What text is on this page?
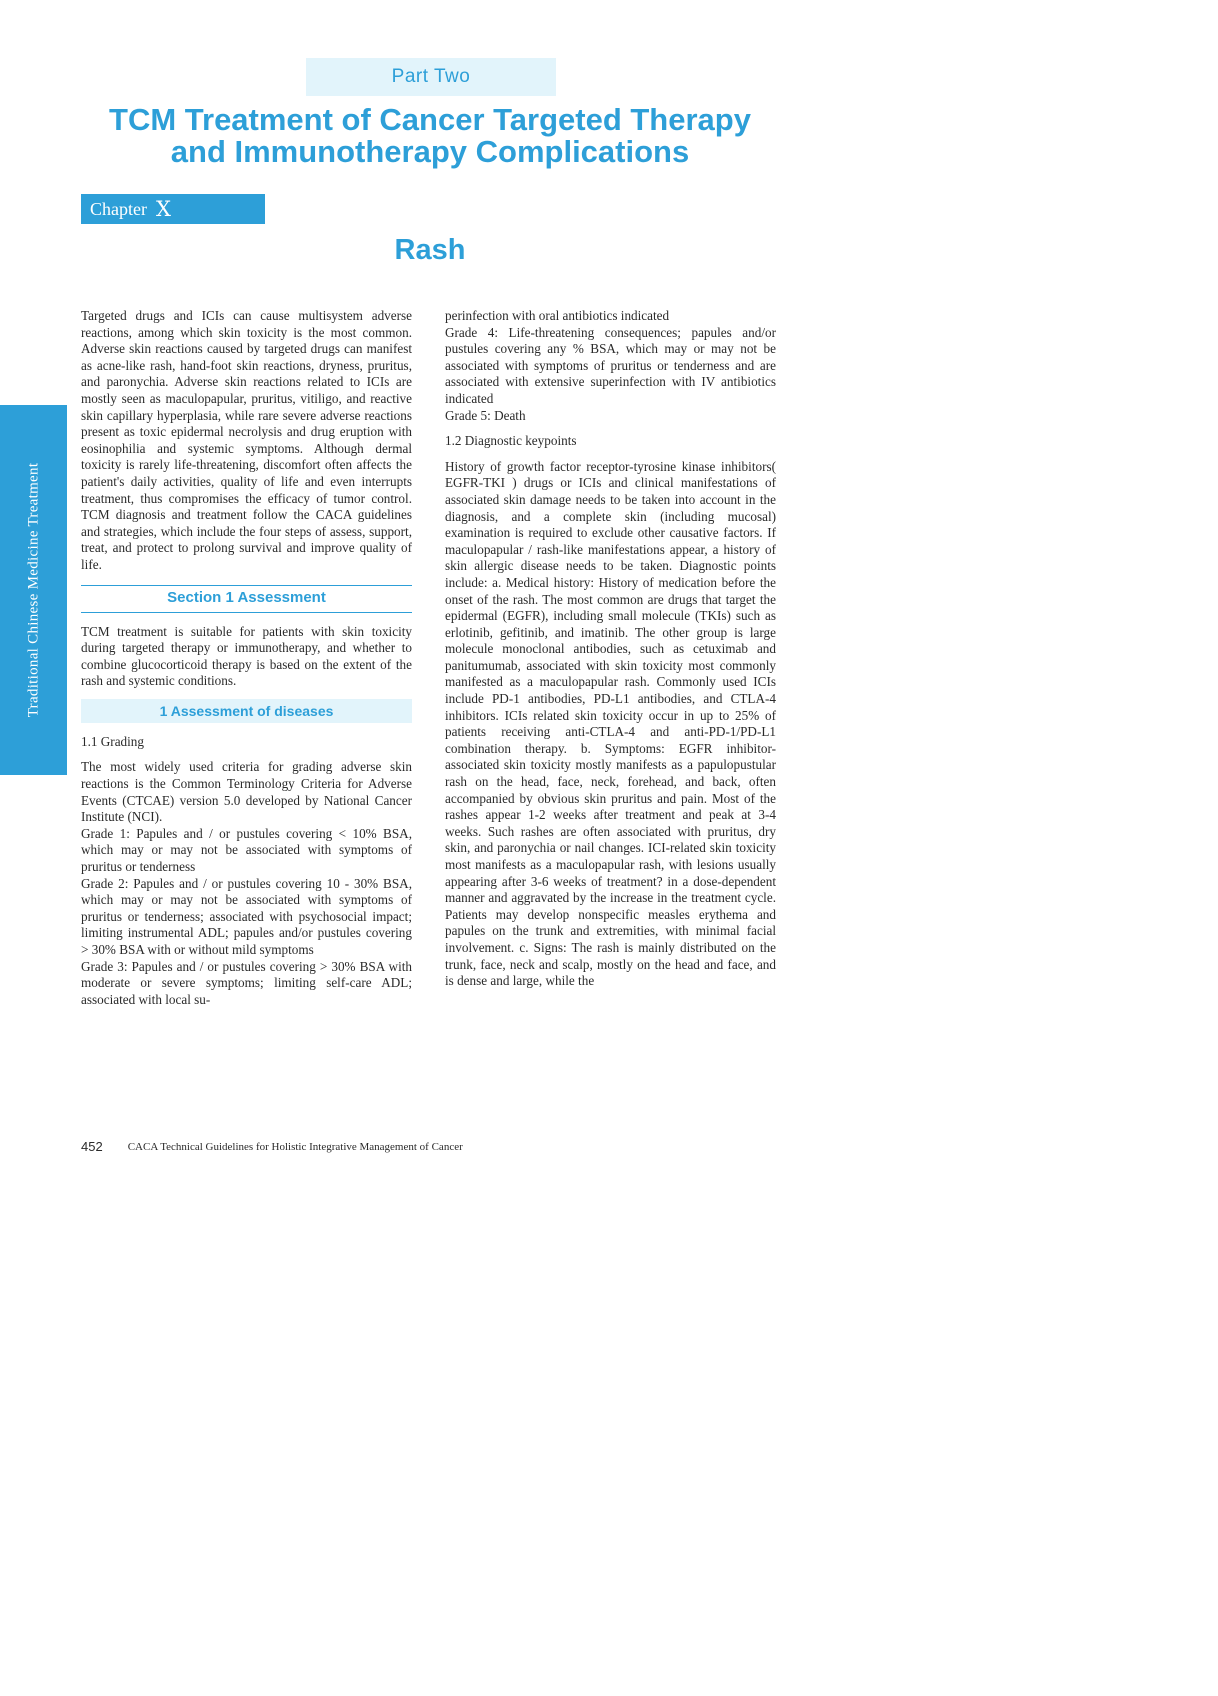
Part Two
TCM Treatment of Cancer Targeted Therapy
and Immunotherapy Complications
Chapter Ⅹ
Rash
Traditional Chinese Medicine Treatment

Targeted drugs and ICIs can cause multisystem adverse reactions, among which skin toxicity is the most common. Adverse skin reactions caused by targeted drugs can manifest as acne-like rash, hand-foot skin reactions, dryness, pruritus, and paronychia. Adverse skin reactions related to ICIs are mostly seen as maculopapular, pruritus, vitiligo, and reactive skin capillary hyperplasia, while rare severe adverse reactions present as toxic epidermal necrolysis and drug eruption with eosinophilia and systemic symptoms. Although dermal toxicity is rarely life-threatening, discomfort often affects the patient's daily activities, quality of life and even interrupts treatment, thus compromises the efficacy of tumor control. TCM diagnosis and treatment follow the CACA guidelines and strategies, which include the four steps of assess, support, treat, and protect to prolong survival and improve quality of life.

Section 1 Assessment

TCM treatment is suitable for patients with skin toxicity during targeted therapy or immunotherapy, and whether to combine glucocorticoid therapy is based on the extent of the rash and systemic conditions.

1 Assessment of diseases

1.1 Grading

The most widely used criteria for grading adverse skin reactions is the Common Terminology Criteria for Adverse Events (CTCAE) version 5.0 developed by National Cancer Institute (NCI).

Grade 1: Papules and / or pustules covering < 10% BSA, which may or may not be associated with symptoms of pruritus or tenderness

Grade 2: Papules and / or pustules covering 10 - 30% BSA, which may or may not be associated with symptoms of pruritus or tenderness; associated with psychosocial impact; limiting instrumental ADL; papules and/or pustules covering > 30% BSA with or without mild symptoms

Grade 3: Papules and / or pustules covering > 30% BSA with moderate or severe symptoms; limiting self-care ADL; associated with local su-

perinfection with oral antibiotics indicated

Grade 4: Life-threatening consequences; papules and/or pustules covering any % BSA, which may or may not be associated with symptoms of pruritus or tenderness and are associated with extensive superinfection with IV antibiotics indicated

Grade 5: Death

1.2 Diagnostic keypoints

History of growth factor receptor-tyrosine kinase inhibitors( EGFR-TKI ) drugs or ICIs and clinical manifestations of associated skin damage needs to be taken into account in the diagnosis, and a complete skin (including mucosal) examination is required to exclude other causative factors. If maculopapular / rash-like manifestations appear, a history of skin allergic disease needs to be taken. Diagnostic points include: a. Medical history: History of medication before the onset of the rash. The most common are drugs that target the epidermal (EGFR), including small molecule (TKIs) such as erlotinib, gefitinib, and imatinib. The other group is large molecule monoclonal antibodies, such as cetuximab and panitumumab, associated with skin toxicity most commonly manifested as a maculopapular rash. Commonly used ICIs include PD-1 antibodies, PD-L1 antibodies, and CTLA-4 inhibitors. ICIs related skin toxicity occur in up to 25% of patients receiving anti-CTLA-4 and anti-PD-1/PD-L1 combination therapy. b. Symptoms: EGFR inhibitor-associated skin toxicity mostly manifests as a papulopustular rash on the head, face, neck, forehead, and back, often accompanied by obvious skin pruritus and pain. Most of the rashes appear 1-2 weeks after treatment and peak at 3-4 weeks. Such rashes are often associated with pruritus, dry skin, and paronychia or nail changes. ICI-related skin toxicity most manifests as a maculopapular rash, with lesions usually appearing after 3-6 weeks of treatment? in a dose-dependent manner and aggravated by the increase in the treatment cycle. Patients may develop nonspecific measles erythema and papules on the trunk and extremities, with minimal facial involvement. c. Signs: The rash is mainly distributed on the trunk, face, neck and scalp, mostly on the head and face, and is dense and large, while the

452 CACA Technical Guidelines for Holistic Integrative Management of Cancer
